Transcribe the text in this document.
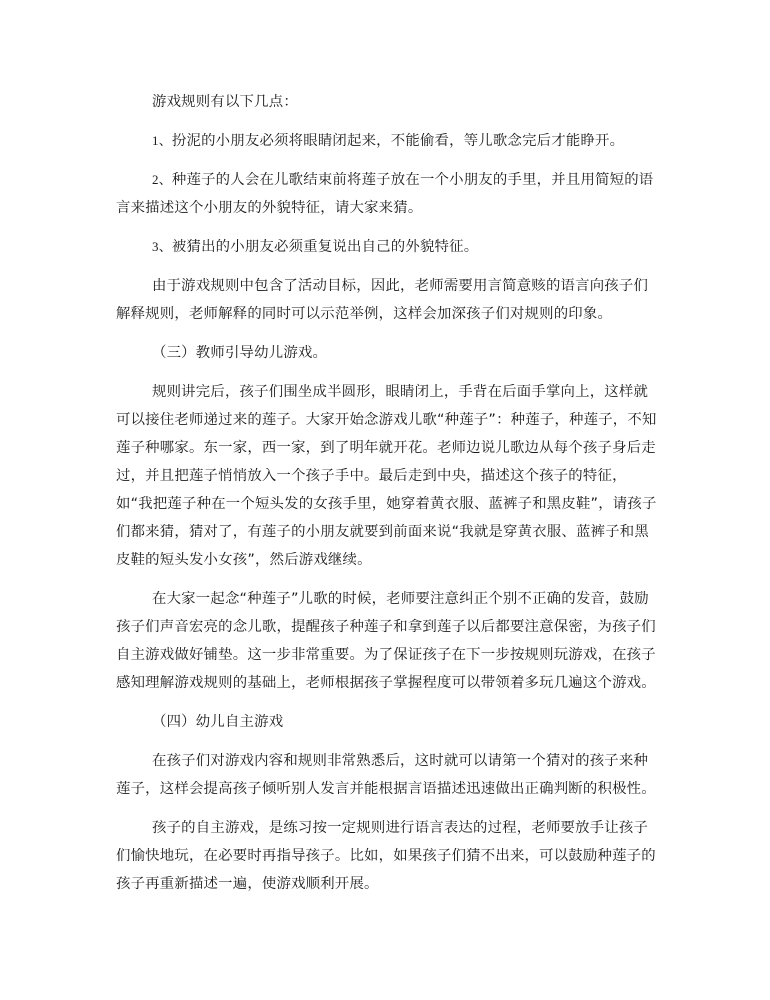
游戏规则有以下几点：

1、扮泥的小朋友必须将眼睛闭起来，不能偷看，等儿歌念完后才能睁开。

2、种莲子的人会在儿歌结束前将莲子放在一个小朋友的手里，并且用简短的语言来描述这个小朋友的外貌特征，请大家来猜。

3、被猜出的小朋友必须重复说出自己的外貌特征。

由于游戏规则中包含了活动目标，因此，老师需要用言简意赅的语言向孩子们解释规则，老师解释的同时可以示范举例，这样会加深孩子们对规则的印象。

（三）教师引导幼儿游戏。

规则讲完后，孩子们围坐成半圆形，眼睛闭上，手背在后面手掌向上，这样就可以接住老师递过来的莲子。大家开始念游戏儿歌“种莲子”：种莲子，种莲子，不知莲子种哪家。东一家，西一家，到了明年就开花。老师边说儿歌边从每个孩子身后走过，并且把莲子悄悄放入一个孩子手中。最后走到中央，描述这个孩子的特征，如“我把莲子种在一个短头发的女孩手里，她穿着黄衣服、蓝裤子和黑皮鞋”，请孩子们都来猜，猜对了，有莲子的小朋友就要到前面来说“我就是穿黄衣服、蓝裤子和黑皮鞋的短头发小女孩”，然后游戏继续。

在大家一起念“种莲子”儿歌的时候，老师要注意纠正个别不正确的发音，鼓励孩子们声音宏亮的念儿歌，提醒孩子种莲子和拿到莲子以后都要注意保密，为孩子们自主游戏做好铺垫。这一步非常重要。为了保证孩子在下一步按规则玩游戏，在孩子感知理解游戏规则的基础上，老师根据孩子掌握程度可以带领着多玩几遍这个游戏。

（四）幼儿自主游戏

在孩子们对游戏内容和规则非常熟悉后，这时就可以请第一个猜对的孩子来种莲子，这样会提高孩子倾听别人发言并能根据言语描述迅速做出正确判断的积极性。

孩子的自主游戏，是练习按一定规则进行语言表达的过程，老师要放手让孩子们愉快地玩，在必要时再指导孩子。比如，如果孩子们猜不出来，可以鼓励种莲子的孩子再重新描述一遍，使游戏顺利开展。
